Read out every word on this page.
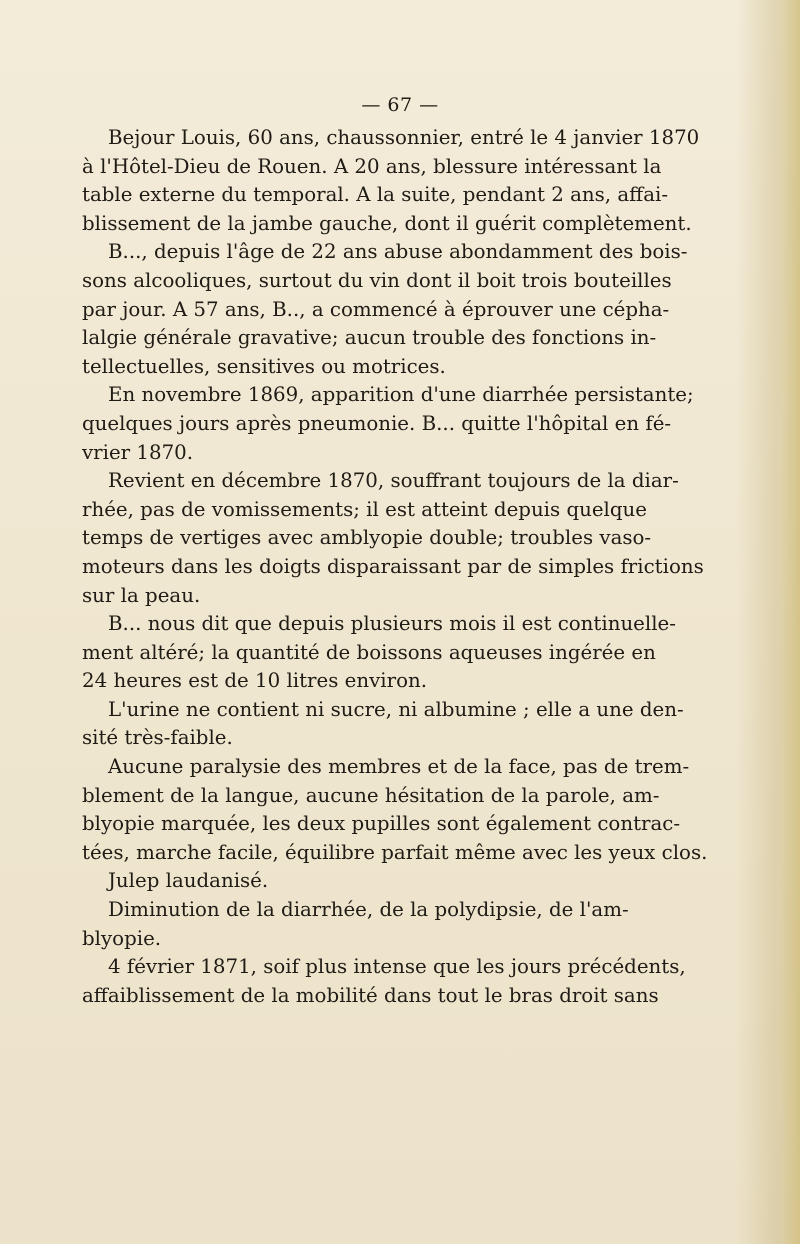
— 67 —
Bejour Louis, 60 ans, chaussonnier, entré le 4 janvier 1870
à l'Hôtel-Dieu de Rouen. A 20 ans, blessure intéressant la
table externe du temporal. A la suite, pendant 2 ans, affai-
blissement de la jambe gauche, dont il guérit complètement.
B..., depuis l'âge de 22 ans abuse abondamment des bois-
sons alcooliques, surtout du vin dont il boit trois bouteilles
par jour. A 57 ans, B.., a commencé à éprouver une cépha-
lalgie générale gravative; aucun trouble des fonctions in-
tellectuelles, sensitives ou motrices.
En novembre 1869, apparition d'une diarrhée persistante;
quelques jours après pneumonie. B... quitte l'hôpital en fé-
vrier 1870.
Revient en décembre 1870, souffrant toujours de la diar-
rhée, pas de vomissements; il est atteint depuis quelque
temps de vertiges avec amblyopie double; troubles vaso-
moteurs dans les doigts disparaissant par de simples frictions
sur la peau.
B... nous dit que depuis plusieurs mois il est continuelle-
ment altéré; la quantité de boissons aqueuses ingérée en
24 heures est de 10 litres environ.
L'urine ne contient ni sucre, ni albumine ; elle a une den-
sité très-faible.
Aucune paralysie des membres et de la face, pas de trem-
blement de la langue, aucune hésitation de la parole, am-
blyopie marquée, les deux pupilles sont également contrac-
tées, marche facile, équilibre parfait même avec les yeux clos.
Julep laudanisé.
Diminution de la diarrhée, de la polydipsie, de l'am-
blyopie.
4 février 1871, soif plus intense que les jours précédents,
affaiblissement de la mobilité dans tout le bras droit sans
